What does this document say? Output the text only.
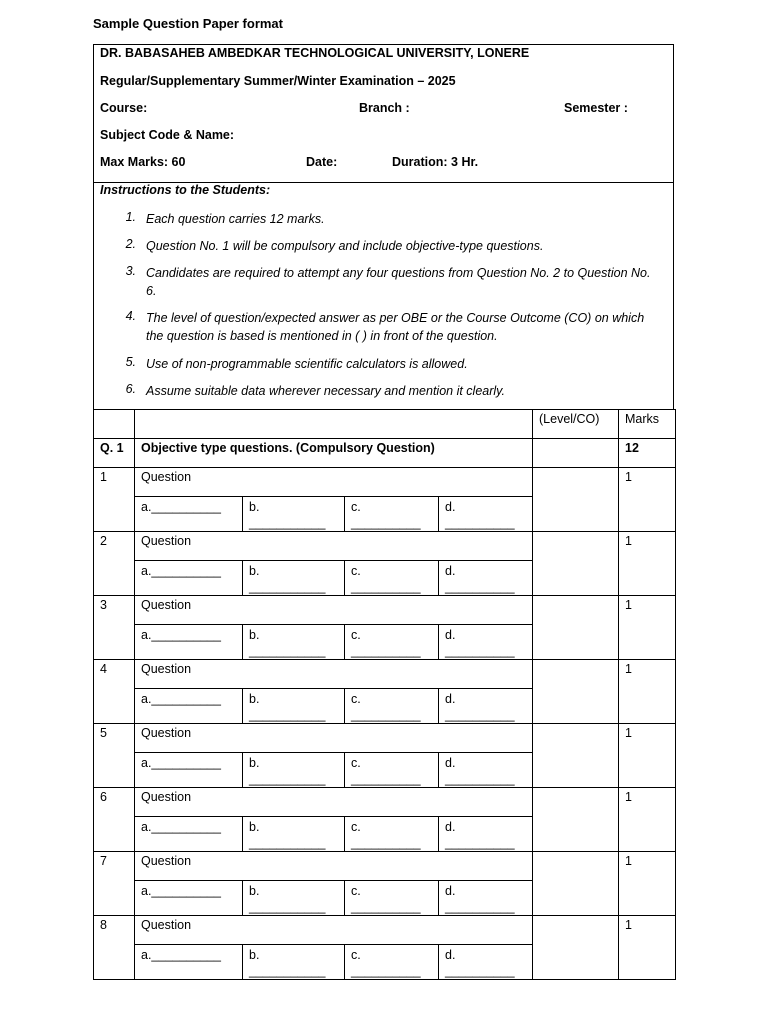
Sample Question Paper format
DR. BABASAHEB AMBEDKAR TECHNOLOGICAL UNIVERSITY, LONERE
Regular/Supplementary Summer/Winter Examination – 2025
Course:	Branch :	Semester :
Subject Code & Name:
Max Marks: 60	Date:	Duration: 3 Hr.
Instructions to the Students:
1. Each question carries 12 marks.
2. Question No. 1 will be compulsory and include objective-type questions.
3. Candidates are required to attempt any four questions from Question No. 2 to Question No. 6.
4. The level of question/expected answer as per OBE or the Course Outcome (CO) on which the question is based is mentioned in ( ) in front of the question.
5. Use of non-programmable scientific calculators is allowed.
6. Assume suitable data wherever necessary and mention it clearly.
					(Level/CO)	Marks
Q. 1	Objective type questions. (Compulsory Question)					12
1	Question					1
	a.__________	b. ___________	c. __________	d. __________		
2	Question					1
	a.__________	b. ___________	c. __________	d. __________		
3	Question					1
	a.__________	b. ___________	c. __________	d. __________		
4	Question					1
	a.__________	b. ___________	c. __________	d. __________		
5	Question					1
	a.__________	b. ___________	c. __________	d. __________		
6	Question					1
	a.__________	b. ___________	c. __________	d. __________		
7	Question					1
	a.__________	b. ___________	c. __________	d. __________		
8	Question					1
	a.__________	b. ___________	c. __________	d. __________		
